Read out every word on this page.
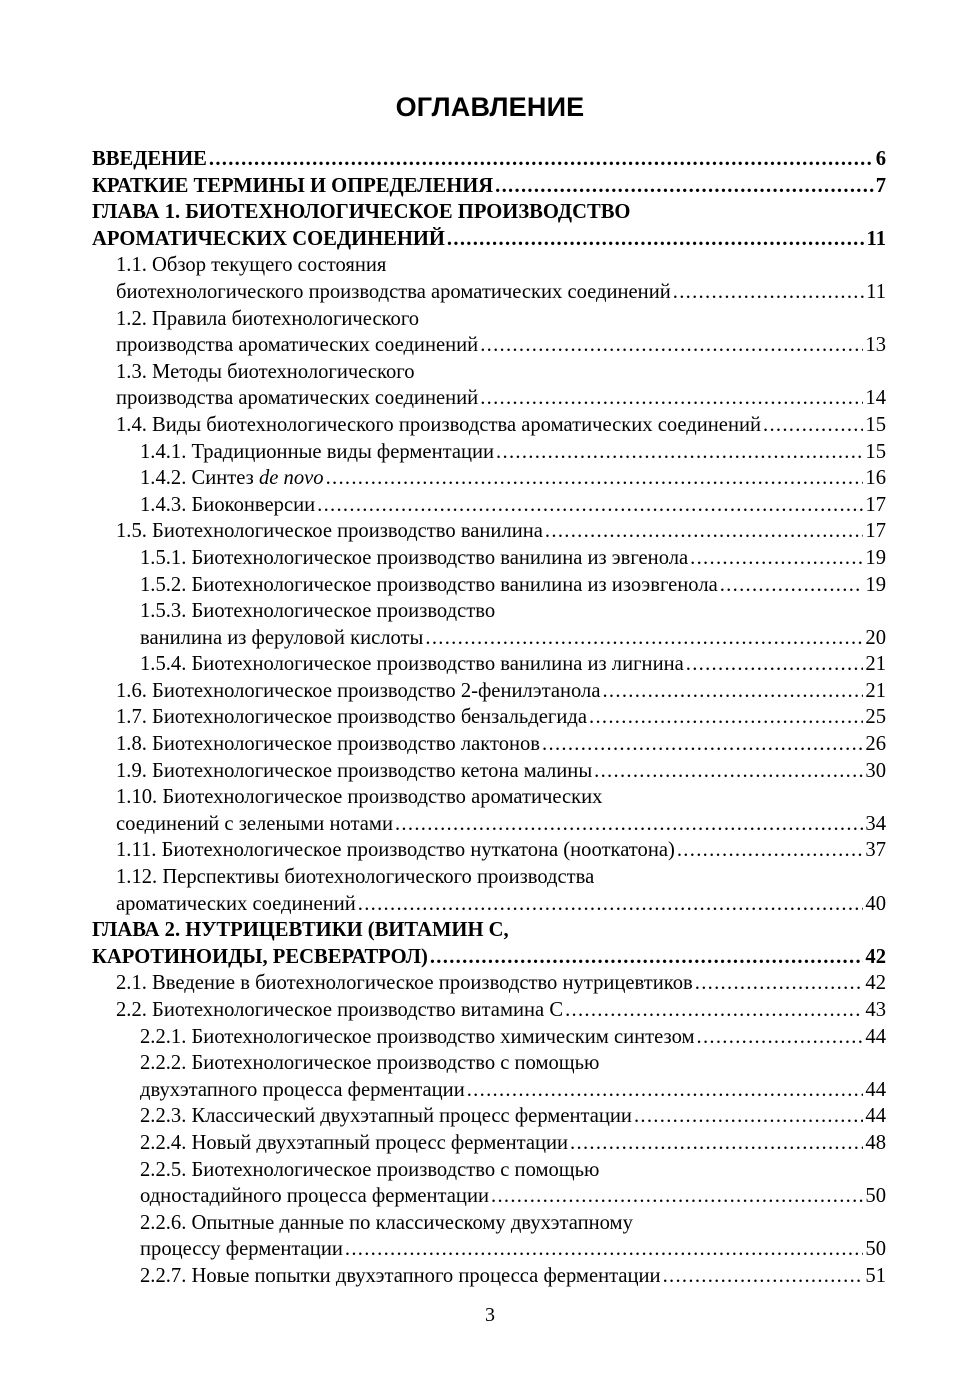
ОГЛАВЛЕНИЕ
ВВЕДЕНИЕ .....	6
КРАТКИЕ ТЕРМИНЫ И ОПРЕДЕЛЕНИЯ .....	7
ГЛАВА 1. БИОТЕХНОЛОГИЧЕСКОЕ ПРОИЗВОДСТВО
АРОМАТИЧЕСКИХ СОЕДИНЕНИЙ .....	11
1.1. Обзор текущего состояния
биотехнологического производства ароматических соединений .....	11
1.2. Правила биотехнологического
производства ароматических соединений .....	13
1.3. Методы биотехнологического
производства ароматических соединений .....	14
1.4. Виды биотехнологического производства ароматических соединений .....	15
1.4.1. Традиционные виды ферментации .....	15
1.4.2. Синтез de novo .....	16
1.4.3. Биоконверсии .....	17
1.5. Биотехнологическое производство ванилина .....	17
1.5.1. Биотехнологическое производство ванилина из эвгенола .....	19
1.5.2. Биотехнологическое производство ванилина из изоэвгенола .....	19
1.5.3. Биотехнологическое производство
ванилина из феруловой кислоты .....	20
1.5.4. Биотехнологическое производство ванилина из лигнина .....	21
1.6. Биотехнологическое производство 2-фенилэтанола .....	21
1.7. Биотехнологическое производство бензальдегида .....	25
1.8. Биотехнологическое производство лактонов .....	26
1.9. Биотехнологическое производство кетона малины .....	30
1.10. Биотехнологическое производство ароматических
соединений с зелеными нотами .....	34
1.11. Биотехнологическое производство нуткатона (нооткатона) .....	37
1.12. Перспективы биотехнологического производства
ароматических соединений .....	40
ГЛАВА 2. НУТРИЦЕВТИКИ (ВИТАМИН С,
КАРОТИНОИДЫ, РЕСВЕРАТРОЛ) .....	42
2.1. Введение в биотехнологическое производство нутрицевтиков .....	42
2.2. Биотехнологическое производство витамина С .....	43
2.2.1. Биотехнологическое производство химическим синтезом .....	44
2.2.2. Биотехнологическое производство с помощью
двухэтапного процесса ферментации .....	44
2.2.3. Классический двухэтапный процесс ферментации .....	44
2.2.4. Новый двухэтапный процесс ферментации .....	48
2.2.5. Биотехнологическое производство с помощью
одностадийного процесса ферментации .....	50
2.2.6. Опытные данные по классическому двухэтапному
процессу ферментации .....	50
2.2.7. Новые попытки двухэтапного процесса ферментации .....	51
3
